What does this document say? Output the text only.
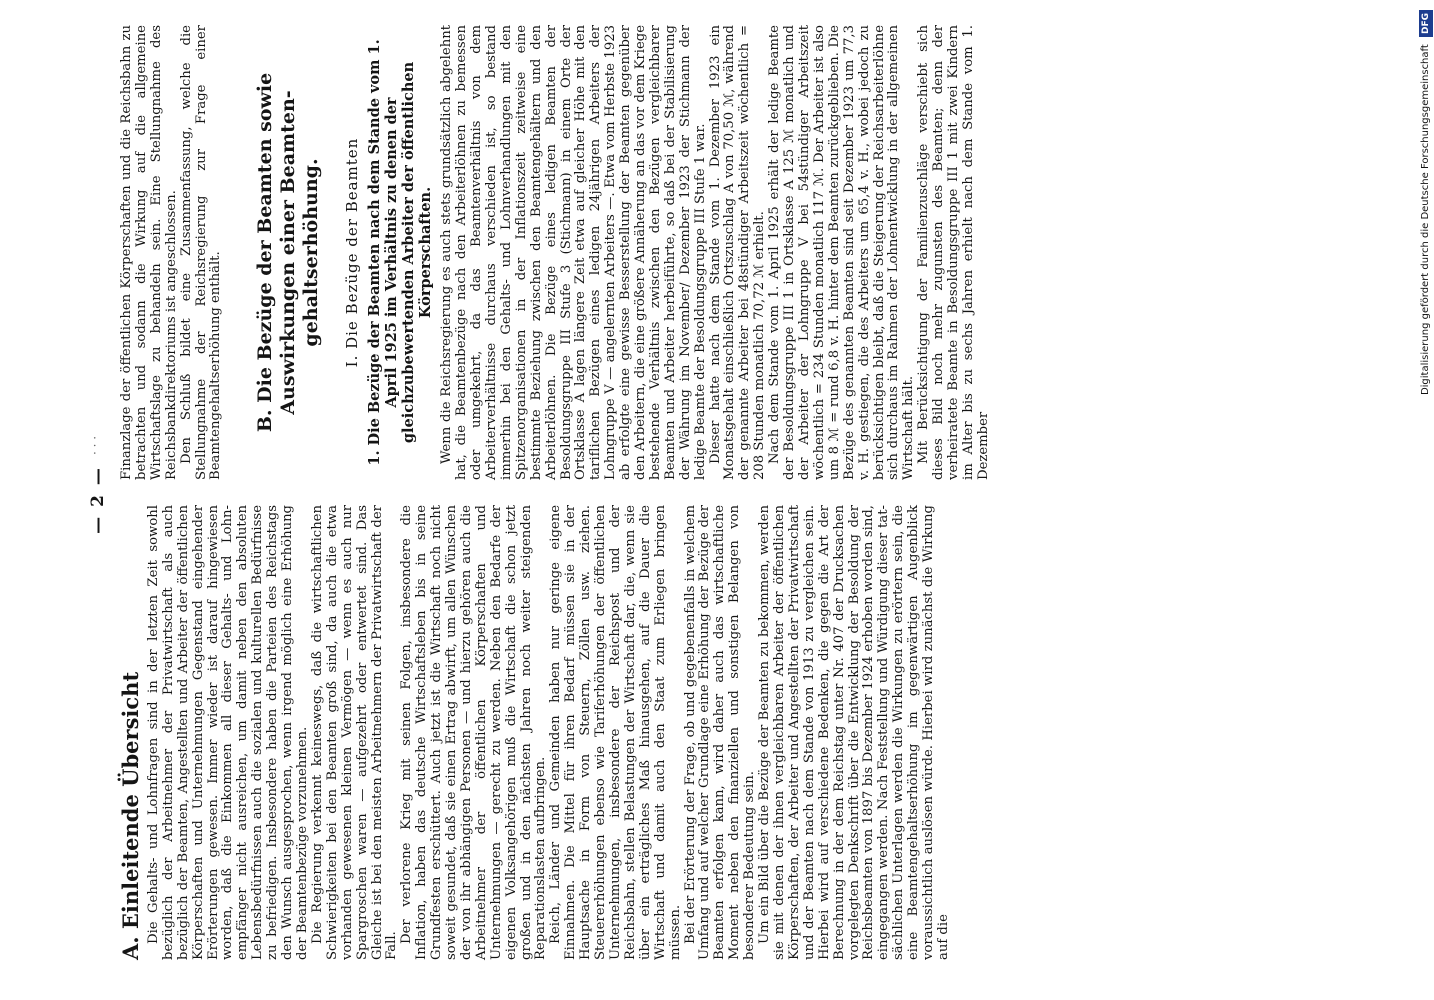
— 2 —
· · ·
A. Einleitende Übersicht Die Gehalts- und Lohnfragen sind in der letzten Zeit sowohl bezüglich der Arbeitnehmer der Privatwirtschaft als auch bezüglich der Beamten, Angestellten und Arbeiter der öffentlichen Körperschaften und Unternehmungen Gegenstand eingehender Erörterungen gewesen. Immer wieder ist darauf hingewiesen worden, daß die Einkommen all dieser Gehalts- und Lohnempfänger nicht ausreichen, um damit neben den absoluten Lebensbedürfnissen auch die sozialen und kulturellen Bedürfnisse zu befriedigen. Insbesondere haben die Parteien des Reichstags den Wunsch ausgesprochen, wenn irgend möglich eine Erhöhung der Beamtenbezüge vorzunehmen. Die Regierung verkennt keineswegs, daß die wirtschaftlichen Schwierigkeiten bei den Beamten groß sind, da auch die etwa vorhanden gewesenen kleinen Vermögen — wenn es auch nur Spargroschen waren — aufgezehrt oder entwertet sind. Das Gleiche ist bei den meisten Arbeitnehmern der Privatwirtschaft der Fall.

Der verlorene Krieg mit seinen Folgen, insbesondere die Inflation, haben das deutsche Wirtschaftsleben bis in seine Grundfesten erschüttert. Auch jetzt ist die Wirtschaft noch nicht soweit gesundet, daß sie einen Ertrag abwirft, um allen Wünschen der von ihr abhängigen Personen — und hierzu gehören auch die Arbeitnehmer der öffentlichen Körperschaften und Unternehmungen — gerecht zu werden. Neben den Bedarfe der eigenen Volksangehörigen muß die Wirtschaft die schon jetzt großen und in den nächsten Jahren noch weiter steigenden Reparationslasten aufbringen. Reich, Länder und Gemeinden haben nur geringe eigene Einnahmen. Die Mittel für ihren Bedarf müssen sie in der Hauptsache in Form von Steuern, Zöllen usw. ziehen. Steuererhöhungen ebenso wie Tariferhöhungen der öffentlichen Unternehmungen, insbesondere der Reichspost und der Reichsbahn, stellen Belastungen der Wirtschaft dar, die, wenn sie über ein erträgliches Maß hinausgehen, auf die Dauer die Wirtschaft und damit auch den Staat zum Erliegen bringen müssen. Bei der Erörterung der Frage, ob und gegebenenfalls in welchem Umfang und auf welcher Grundlage eine Erhöhung der Bezüge der Beamten erfolgen kann, wird daher auch das wirtschaftliche Moment neben den finanziellen und sonstigen Belangen von besonderer Bedeutung sein. Um ein Bild über die Bezüge der Beamten zu bekommen, werden sie mit denen der ihnen vergleichbaren Arbeiter der öffentlichen Körperschaften, der Arbeiter und Angestellten der Privatwirtschaft und der Beamten nach dem Stande von 1913 zu vergleichen sein. Hierbei wird auf verschiedene Bedenken, die gegen die Art der Berechnung in der dem Reichstag unter Nr. 407 der Drucksachen vorgelegten Denkschrift über die Entwicklung der Besoldung der Reichsbeamten von 1897 bis Dezember 1924 erhoben worden sind, eingegangen werden. Nach Feststellung und Würdigung dieser tatsächlichen Unterlagen werden die Wirkungen zu erörtern sein, die eine Beamtengehaltserhöhung im gegenwärtigen Augenblick voraussichtlich auslösen würde. Hierbei wird zunächst die Wirkung auf die

Finanzlage der öffentlichen Körperschaften und die Reichsbahn zu betrachten und sodann die Wirkung auf die allgemeine Wirtschaftslage zu behandeln sein. Eine Stellungnahme des Reichsbankdirektoriums ist angeschlossen. Den Schluß bildet eine Zusammenfassung, welche die Stellungnahme der Reichsregierung zur Frage einer Beamtengehaltserhöhung enthält. B. Die Bezüge der Beamten sowie Auswirkungen einer Beamtengehaltserhöhung. I. Die Bezüge der Beamten 1. Die Bezüge der Beamten nach dem Stande vom 1. April 1925 im Verhältnis zu denen der gleichzubewertenden Arbeiter der öffentlichen Körperschaften. Wenn die Reichsregierung es auch stets grundsätzlich abgelehnt hat, die Beamtenbezüge nach den Arbeiterlöhnen zu bemessen oder umgekehrt, da das Beamtenverhältnis von dem Arbeiterverhältnisse durchaus verschieden ist, so bestand immerhin bei den Gehalts- und Lohnverhandlungen mit den Spitzenorganisationen in der Inflationszeit zeitweise eine bestimmte Beziehung zwischen den Beamtengehältern und den Arbeiterlöhnen. Die Bezüge eines ledigen Beamten der Besoldungsgruppe III Stufe 3 (Stichmann) in einem Orte der Ortsklasse A lagen längere Zeit etwa auf gleicher Höhe mit den tariflichen Bezügen eines ledigen 24jährigen Arbeiters der Lohngruppe V — angelernten Arbeiters —. Etwa vom Herbste 1923 ab erfolgte eine gewisse Besserstellung der Beamten gegenüber den Arbeitern, die eine größere Annäherung an das vor dem Kriege bestehende Verhältnis zwischen den Bezügen vergleichbarer Beamten und Arbeiter herbeiführte, so daß bei der Stabilisierung der Währung im November/ Dezember 1923 der Stichmann der ledige Beamte der Besoldungsgruppe III Stufe 1 war. Dieser hatte nach dem Stande vom 1. Dezember 1923 ein Monatsgehalt einschließlich Ortszuschlag A von 70,50 ℳ, während der genannte Arbeiter bei 48stündiger Arbeitszeit wöchentlich = 208 Stunden monatlich 70,72 ℳ erhielt. Nach dem Stande vom 1. April 1925 erhält der ledige Beamte der Besoldungsgruppe III 1 in Ortsklasse A 125 ℳ monatlich und der Arbeiter der Lohngruppe V bei 54stündiger Arbeitszeit wöchentlich = 234 Stunden monatlich 117 ℳ. Der Arbeiter ist also um 8 ℳ = rund 6,8 v. H. hinter dem Beamten zurückgeblieben. Die Bezüge des genannten Beamten sind seit Dezember 1923 um 77,3 v. H. gestiegen, die des Arbeiters um 65,4 v. H., wobei jedoch zu berücksichtigen bleibt, daß die Steigerung der Reichsarbeiterlöhne sich durchaus im Rahmen der Lohnentwicklung in der allgemeinen Wirtschaft hält. Mit Berücksichtigung der Familienzuschläge verschiebt sich dieses Bild noch mehr zugunsten des Beamten; denn der verheiratete Beamte in Besoldungsgruppe III 1 mit zwei Kindern im Alter bis zu sechs Jahren erhielt nach dem Stande vom 1. Dezember

Digitalisierung gefördert durch die Deutsche Forschungsgemeinschaft DFG
